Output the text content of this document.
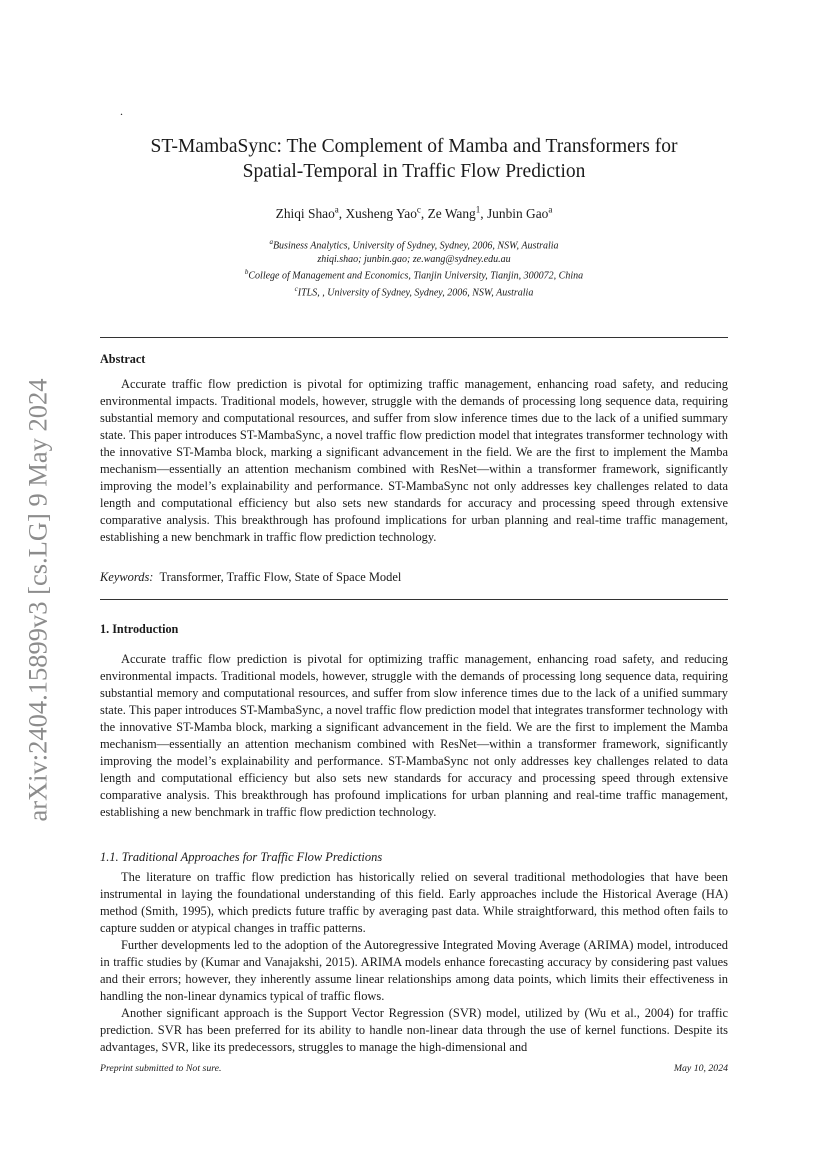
.
arXiv:2404.15899v3 [cs.LG] 9 May 2024
ST-MambaSync: The Complement of Mamba and Transformers for
Spatial-Temporal in Traffic Flow Prediction
Zhiqi Shao$^a$, Xusheng Yao$^c$, Ze Wang$^1$, Junbin Gao$^a$
$^a$Business Analytics, University of Sydney, Sydney, 2006, NSW, Australia
zhiqi.shao; junbin.gao; ze.wang@sydney.edu.au
$^b$College of Management and Economics, Tianjin University, Tianjin, 300072, China
$^c$ITLS, , University of Sydney, Sydney, 2006, NSW, Australia
Abstract

Accurate traffic flow prediction is pivotal for optimizing traffic management, enhancing road safety, and reducing environmental impacts. Traditional models, however, struggle with the demands of processing long sequence data, requiring substantial memory and computational resources, and suffer from slow inference times due to the lack of a unified summary state. This paper introduces ST-MambaSync, a novel traffic flow prediction model that integrates transformer technology with the innovative ST-Mamba block, marking a significant advancement in the field. We are the first to implement the Mamba mechanism—essentially an attention mechanism combined with ResNet—within a transformer framework, significantly improving the model’s explainability and performance. ST-MambaSync not only addresses key challenges related to data length and computational efficiency but also sets new standards for accuracy and processing speed through extensive comparative analysis. This breakthrough has profound implications for urban planning and real-time traffic management, establishing a new benchmark in traffic flow prediction technology.

Keywords: Transformer, Traffic Flow, State of Space Model
1. Introduction

Accurate traffic flow prediction is pivotal for optimizing traffic management, enhancing road safety, and reducing environmental impacts. Traditional models, however, struggle with the demands of processing long sequence data, requiring substantial memory and computational resources, and suffer from slow inference times due to the lack of a unified summary state. This paper introduces ST-MambaSync, a novel traffic flow prediction model that integrates transformer technology with the innovative ST-Mamba block, marking a significant advancement in the field. We are the first to implement the Mamba mechanism—essentially an attention mechanism combined with ResNet—within a transformer framework, significantly improving the model’s explainability and performance. ST-MambaSync not only addresses key challenges related to data length and computational efficiency but also sets new standards for accuracy and processing speed through extensive comparative analysis. This breakthrough has profound implications for urban planning and real-time traffic management, establishing a new benchmark in traffic flow prediction technology.

1.1. Traditional Approaches for Traffic Flow Predictions

The literature on traffic flow prediction has historically relied on several traditional methodologies that have been instrumental in laying the foundational understanding of this field. Early approaches include the Historical Average (HA) method (Smith, 1995), which predicts future traffic by averaging past data. While straightforward, this method often fails to capture sudden or atypical changes in traffic patterns.

Further developments led to the adoption of the Autoregressive Integrated Moving Average (ARIMA) model, introduced in traffic studies by (Kumar and Vanajakshi, 2015). ARIMA models enhance forecasting accuracy by considering past values and their errors; however, they inherently assume linear relationships among data points, which limits their effectiveness in handling the non-linear dynamics typical of traffic flows.

Another significant approach is the Support Vector Regression (SVR) model, utilized by (Wu et al., 2004) for traffic prediction. SVR has been preferred for its ability to handle non-linear data through the use of kernel functions. Despite its advantages, SVR, like its predecessors, struggles to manage the high-dimensional and

Preprint submitted to Not sure.	May 10, 2024
